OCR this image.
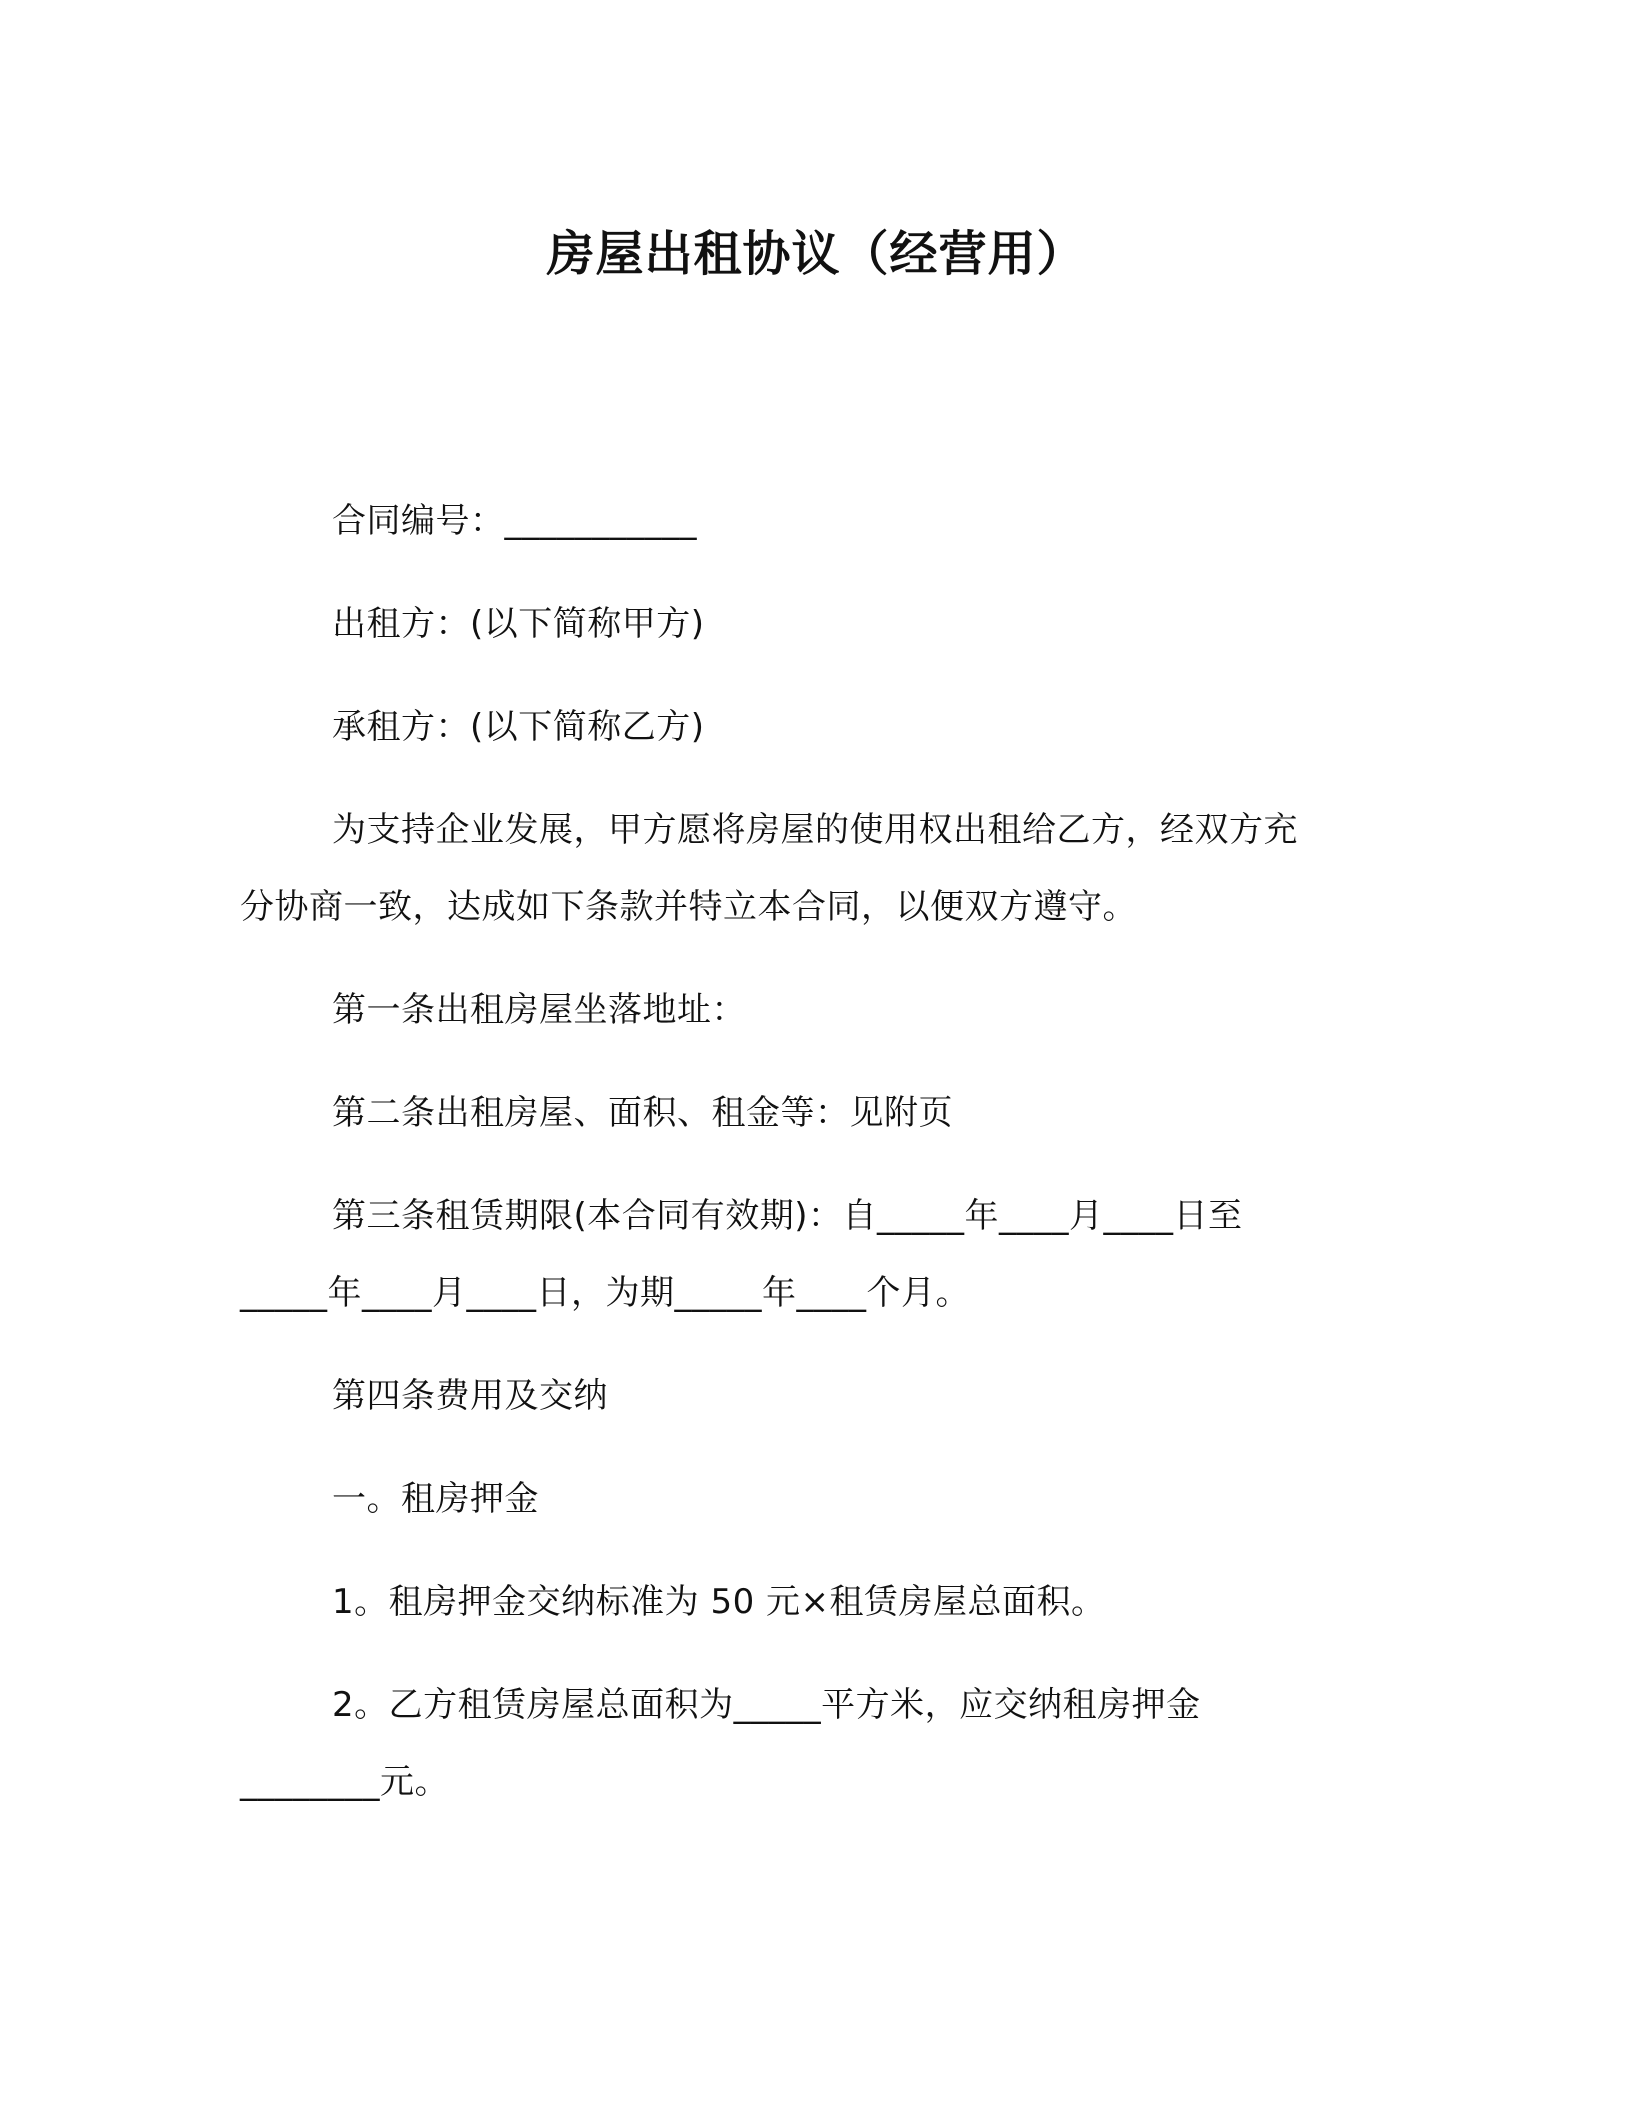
房屋出租协议（经营用）
合同编号：___________
出租方：(以下简称甲方)
承租方：(以下简称乙方)
为支持企业发展，甲方愿将房屋的使用权出租给乙方，经双方充
分协商一致，达成如下条款并特立本合同，以便双方遵守。
第一条出租房屋坐落地址：
第二条出租房屋、面积、租金等：见附页
第三条租赁期限(本合同有效期)：自_____年____月____日至
_____年____月____日，为期_____年____个月。
第四条费用及交纳
一。租房押金
1。租房押金交纳标准为 50 元×租赁房屋总面积。
2。乙方租赁房屋总面积为_____平方米，应交纳租房押金
________元。
